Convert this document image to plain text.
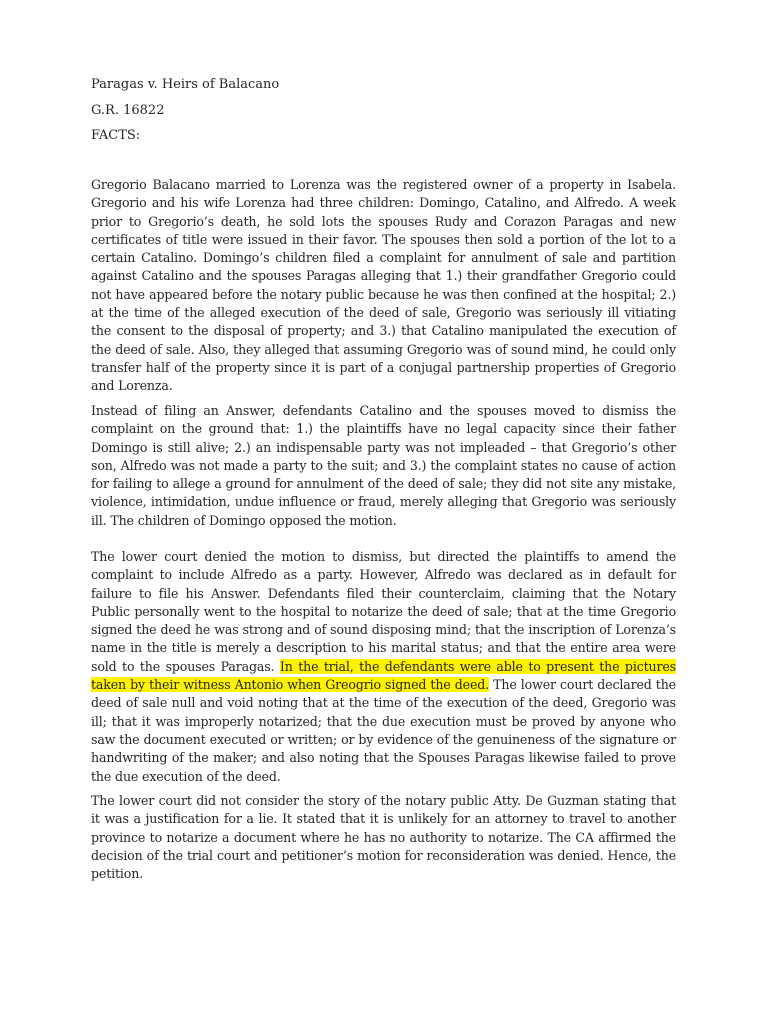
Paragas v. Heirs of Balacano
G.R. 16822
FACTS:

Gregorio Balacano married to Lorenza was the registered owner of a property in Isabela. Gregorio and his wife Lorenza had three children: Domingo, Catalino, and Alfredo. A week prior to Gregorio’s death, he sold lots the spouses Rudy and Corazon Paragas and new certificates of title were issued in their favor. The spouses then sold a portion of the lot to a certain Catalino. Domingo’s children filed a complaint for annulment of sale and partition against Catalino and the spouses Paragas alleging that 1.) their grandfather Gregorio could not have appeared before the notary public because he was then confined at the hospital; 2.) at the time of the alleged execution of the deed of sale, Gregorio was seriously ill vitiating the consent to the disposal of property; and 3.) that Catalino manipulated the execution of the deed of sale. Also, they alleged that assuming Gregorio was of sound mind, he could only transfer half of the property since it is part of a conjugal partnership properties of Gregorio and Lorenza.

Instead of filing an Answer, defendants Catalino and the spouses moved to dismiss the complaint on the ground that: 1.) the plaintiffs have no legal capacity since their father Domingo is still alive; 2.) an indispensable party was not impleaded – that Gregorio’s other son, Alfredo was not made a party to the suit; and 3.) the complaint states no cause of action for failing to allege a ground for annulment of the deed of sale; they did not site any mistake, violence, intimidation, undue influence or fraud, merely alleging that Gregorio was seriously ill. The children of Domingo opposed the motion.

The lower court denied the motion to dismiss, but directed the plaintiffs to amend the complaint to include Alfredo as a party. However, Alfredo was declared as in default for failure to file his Answer. Defendants filed their counterclaim, claiming that the Notary Public personally went to the hospital to notarize the deed of sale; that at the time Gregorio signed the deed he was strong and of sound disposing mind; that the inscription of Lorenza’s name in the title is merely a description to his marital status; and that the entire area were sold to the spouses Paragas. In the trial, the defendants were able to present the pictures taken by their witness Antonio when Greogrio signed the deed. The lower court declared the deed of sale null and void noting that at the time of the execution of the deed, Gregorio was ill; that it was improperly notarized; that the due execution must be proved by anyone who saw the document executed or written; or by evidence of the genuineness of the signature or handwriting of the maker; and also noting that the Spouses Paragas likewise failed to prove the due execution of the deed.

The lower court did not consider the story of the notary public Atty. De Guzman stating that it was a justification for a lie. It stated that it is unlikely for an attorney to travel to another province to notarize a document where he has no authority to notarize. The CA affirmed the decision of the trial court and petitioner’s motion for reconsideration was denied. Hence, the petition.
